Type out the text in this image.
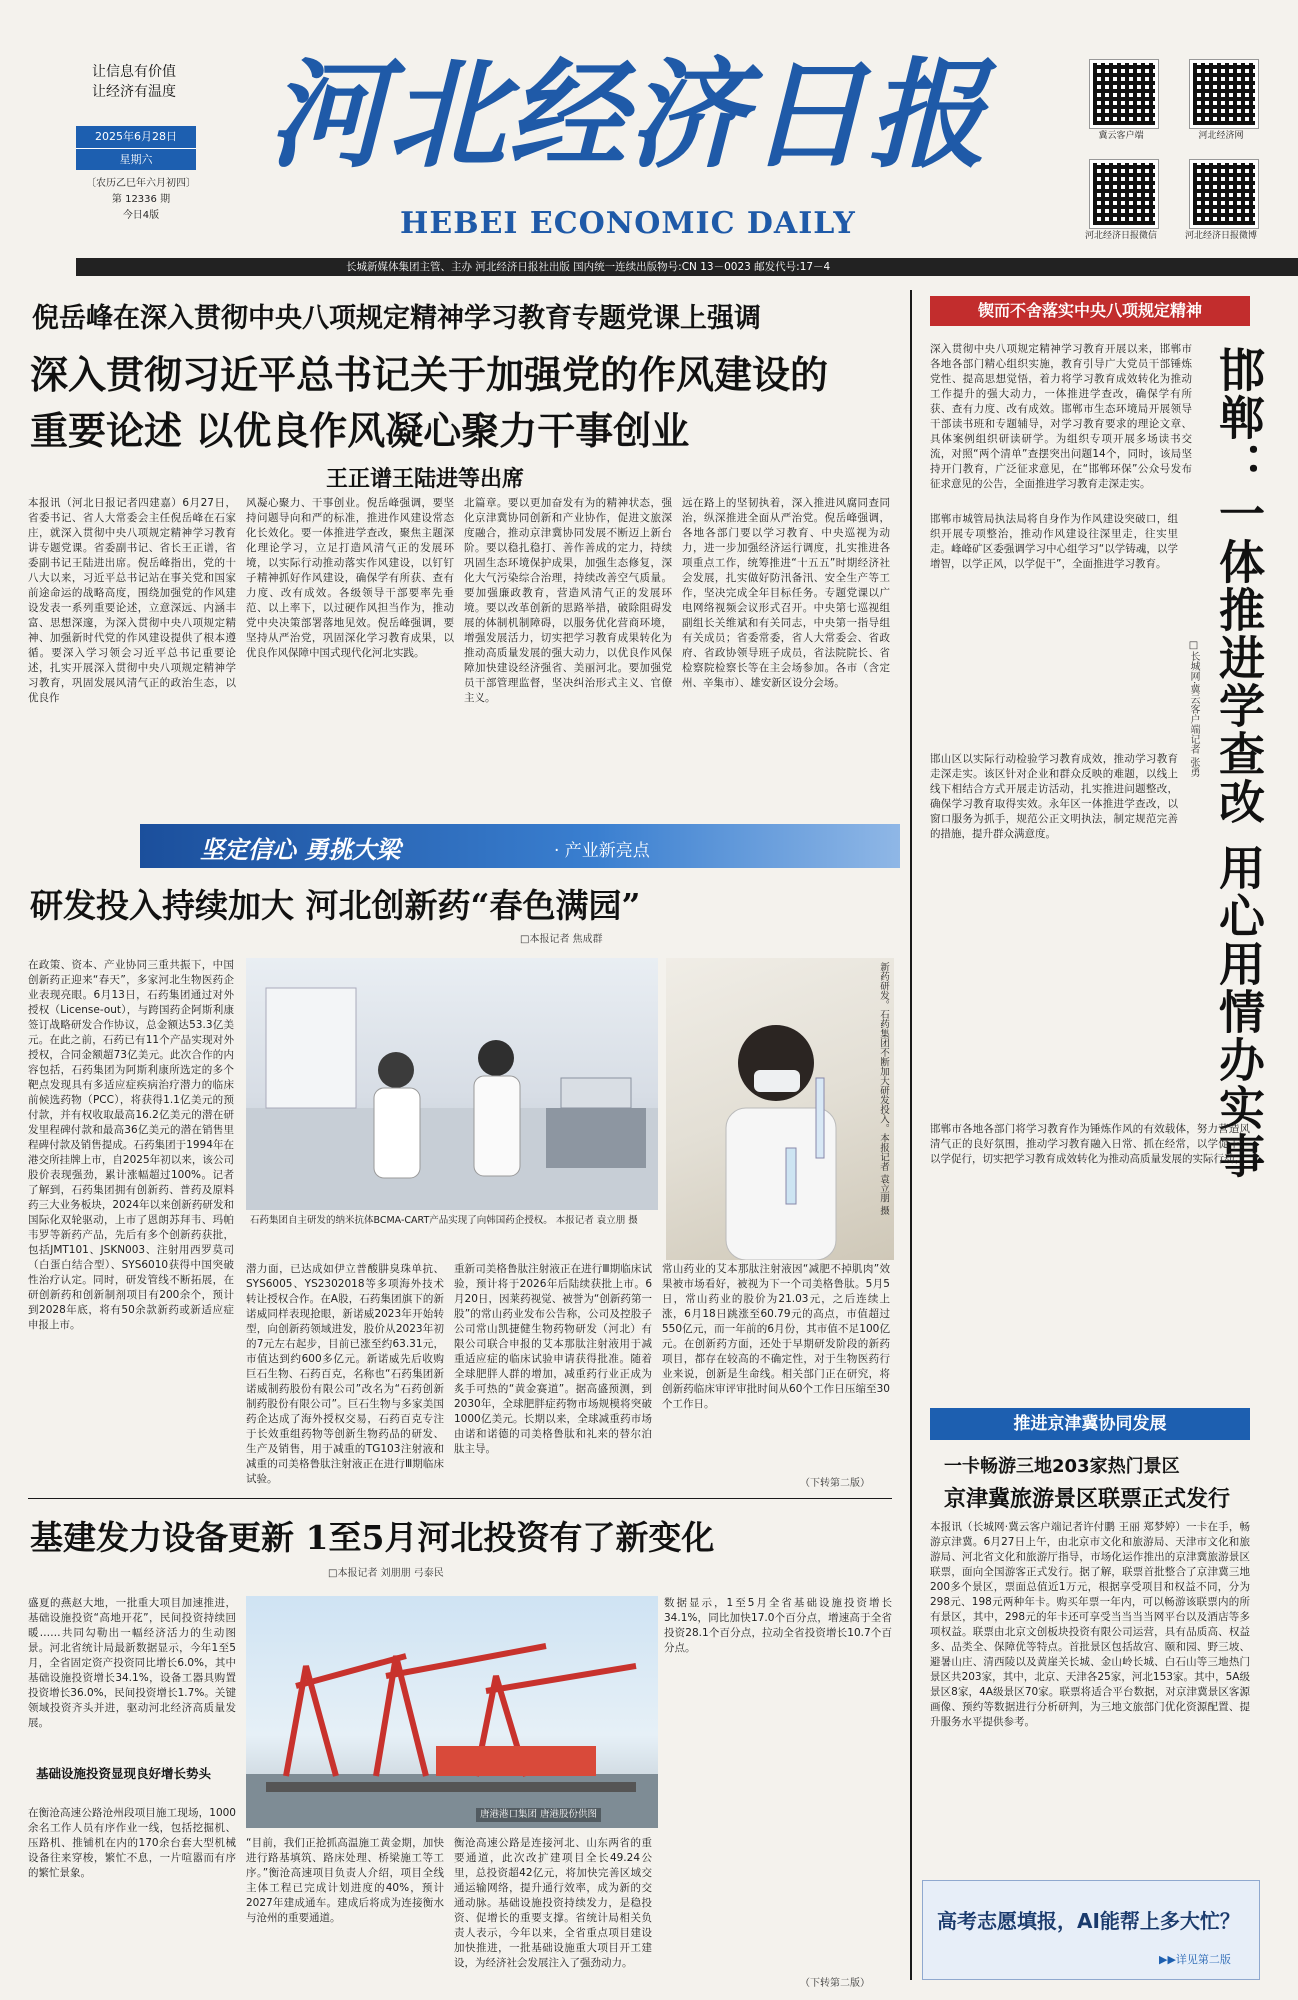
让信息有价值
让经济有温度
2025年6月28日
星期六
〔农历乙巳年六月初四〕
第 12336 期
今日4版
河北经济日报
HEBEI ECONOMIC DAILY
冀云客户端	河北经济网
河北经济日报微信	河北经济日报微博
长城新媒体集团主管、主办 河北经济日报社出版 国内统一连续出版物号:CN 13－0023 邮发代号:17－4
倪岳峰在深入贯彻中央八项规定精神学习教育专题党课上强调
深入贯彻习近平总书记关于加强党的作风建设的
重要论述 以优良作风凝心聚力干事创业
王正谱王陆进等出席
本报讯（河北日报记者四建嘉）6月27日，省委书记、省人大常委会主任倪岳峰在石家庄，就深入贯彻中央八项规定精神学习教育讲专题党课。省委副书记、省长王正谱，省委副书记王陆进出席。倪岳峰指出，党的十八大以来，习近平总书记站在事关党和国家前途命运的战略高度，围绕加强党的作风建设发表一系列重要论述，立意深远、内涵丰富、思想深邃，为深入贯彻中央八项规定精神、加强新时代党的作风建设提供了根本遵循。要深入学习领会习近平总书记重要论述，扎实开展深入贯彻中央八项规定精神学习教育，巩固发展风清气正的政治生态，以优良作
风凝心聚力、干事创业。倪岳峰强调，要坚持问题导向和严的标准，推进作风建设常态化长效化。要一体推进学查改，聚焦主题深化理论学习，立足打造风清气正的发展环境，以实际行动推动落实作风建设，以钉钉子精神抓好作风建设，确保学有所获、查有力度、改有成效。各级领导干部要率先垂范、以上率下，以过硬作风担当作为，推动党中央决策部署落地见效。倪岳峰强调，要坚持从严治党，巩固深化学习教育成果，以优良作风保障中国式现代化河北实践。
北篇章。要以更加奋发有为的精神状态，强化京津冀协同创新和产业协作，促进文旅深度融合，推动京津冀协同发展不断迈上新台阶。要以稳扎稳打、善作善成的定力，持续巩固生态环境保护成果，加强生态修复，深化大气污染综合治理，持续改善空气质量。要加强廉政教育，营造风清气正的发展环境。要以改革创新的思路举措，破除阻碍发展的体制机制障碍，以服务优化营商环境，增强发展活力，切实把学习教育成果转化为推动高质量发展的强大动力，以优良作风保障加快建设经济强省、美丽河北。要加强党员干部管理监督，坚决纠治形式主义、官僚主义。
远在路上的坚韧执着，深入推进风腐同查同治，纵深推进全面从严治党。倪岳峰强调，各地各部门要以学习教育、中央巡视为动力，进一步加强经济运行调度，扎实推进各项重点工作，统筹推进“十五五”时期经济社会发展，扎实做好防汛备汛、安全生产等工作，坚决完成全年目标任务。专题党课以广电网络视频会议形式召开。中央第七巡视组副组长关维斌和有关同志，中央第一指导组有关成员；省委常委，省人大常委会、省政府、省政协领导班子成员，省法院院长、省检察院检察长等在主会场参加。各市（含定州、辛集市）、雄安新区设分会场。
坚定信心 勇挑大梁	· 产业新亮点
研发投入持续加大 河北创新药“春色满园”
□本报记者 焦成群
在政策、资本、产业协同三重共振下，中国创新药正迎来“春天”，多家河北生物医药企业表现亮眼。6月13日，石药集团通过对外授权（License-out），与跨国药企阿斯利康签订战略研发合作协议，总金额达53.3亿美元。在此之前，石药已有11个产品实现对外授权，合同金额超73亿美元。此次合作的内容包括，石药集团为阿斯利康所选定的多个靶点发现具有多适应症疾病治疗潜力的临床前候选药物（PCC），将获得1.1亿美元的预付款，并有权收取最高16.2亿美元的潜在研发里程碑付款和最高36亿美元的潜在销售里程碑付款及销售提成。石药集团于1994年在港交所挂牌上市，自2025年初以来，该公司股价表现强劲，累计涨幅超过100%。记者了解到，石药集团拥有创新药、普药及原料药三大业务板块，2024年以来创新药研发和国际化双轮驱动，上市了恩朗苏拜韦、玛帕韦罗等新药产品，先后有多个创新药获批，包括JMT101、JSKN003、注射用西罗莫司（白蛋白结合型）、SYS6010获得中国突破性治疗认定。同时，研发管线不断拓展，在研创新药和创新制剂项目有200余个，预计到2028年底，将有50余款新药或新适应症申报上市。
石药集团自主研发的纳米抗体BCMA-CART产品实现了向韩国药企授权。 本报记者 袁立朋 摄
新药研发。石药集团不断加大研发投入。本报记者 袁立朋 摄
潜力面，已达成如伊立普酸肼臭珠单抗、SYS6005、YS2302018等多项海外技术转让授权合作。在A股，石药集团旗下的新诺威同样表现抢眼，新诺威2023年开始转型，向创新药领域进发，股价从2023年初的7元左右起步，目前已涨至约63.31元，市值达到约600多亿元。新诺威先后收购巨石生物、石药百克，名称也“石药集团新诺威制药股份有限公司”改名为“石药创新制药股份有限公司”。巨石生物与多家美国药企达成了海外授权交易，石药百克专注于长效重组药物等创新生物药品的研发、生产及销售，用于减重的TG103注射液和减重的司美格鲁肽注射液正在进行Ⅲ期临床试验。
重新司美格鲁肽注射液正在进行Ⅲ期临床试验，预计将于2026年后陆续获批上市。6月20日，因莱药视觉、被誉为“创新药第一股”的常山药业发布公告称，公司及控股子公司常山凯捷健生物药物研发（河北）有限公司联合申报的艾本那肽注射液用于减重适应症的临床试验申请获得批准。随着全球肥胖人群的增加，减重药行业正成为炙手可热的“黄金赛道”。据高盛预测，到2030年，全球肥胖症药物市场规模将突破1000亿美元。长期以来，全球减重药市场由诺和诺德的司美格鲁肽和礼来的替尔泊肽主导。
常山药业的艾本那肽注射液因“减肥不掉肌肉”效果被市场看好，被视为下一个司美格鲁肽。5月5日，常山药业的股价为21.03元，之后连续上涨，6月18日跳涨至60.79元的高点，市值超过550亿元，而一年前的6月份，其市值不足100亿元。在创新药方面，还处于早期研发阶段的新药项目，都存在较高的不确定性，对于生物医药行业来说，创新是生命线。相关部门正在研究，将创新药临床审评审批时间从60个工作日压缩至30个工作日。
（下转第二版）
基建发力设备更新 1至5月河北投资有了新变化
□本报记者 刘朋朋 弓泰民
盛夏的燕赵大地，一批重大项目加速推进，基础设施投资“高地开花”，民间投资持续回暖……共同勾勒出一幅经济活力的生动图景。河北省统计局最新数据显示，今年1至5月，全省固定资产投资同比增长6.0%，其中基础设施投资增长34.1%，设备工器具购置投资增长36.0%，民间投资增长1.7%。关键领域投资齐头并进，驱动河北经济高质量发展。
基础设施投资显现良好增长势头
在衡沧高速公路沧州段项目施工现场，1000余名工作人员有序作业一线，包括挖掘机、压路机、推铺机在内的170余台套大型机械设备往来穿梭，繁忙不息，一片喧嚣而有序的繁忙景象。
唐港港口集团 唐港股份供图
“目前，我们正抢抓高温施工黄金期，加快进行路基填筑、路床处理、桥梁施工等工序。”衡沧高速项目负责人介绍，项目全线主体工程已完成计划进度的40%，预计2027年建成通车。建成后将成为连接衡水与沧州的重要通道。
衡沧高速公路是连接河北、山东两省的重要通道，此次改扩建项目全长49.24公里，总投资超42亿元，将加快完善区域交通运输网络，提升通行效率，成为新的交通动脉。基础设施投资持续发力，是稳投资、促增长的重要支撑。省统计局相关负责人表示，今年以来，全省重点项目建设加快推进，一批基础设施重大项目开工建设，为经济社会发展注入了强劲动力。
数据显示，1至5月全省基础设施投资增长34.1%，同比加快17.0个百分点，增速高于全省投资28.1个百分点，拉动全省投资增长10.7个百分点。
（下转第二版）
锲而不舍落实中央八项规定精神
深入贯彻中央八项规定精神学习教育开展以来，邯郸市各地各部门精心组织实施，教育引导广大党员干部锤炼党性、提高思想觉悟，着力将学习教育成效转化为推动工作提升的强大动力，一体推进学查改，确保学有所获、查有力度、改有成效。邯郸市生态环境局开展领导干部读书班和专题辅导，对学习教育要求的理论文章、具体案例组织研读研学。为组织专项开展多场读书交流，对照“两个清单”查摆突出问题14个，同时，该局坚持开门教育，广泛征求意见，在“邯郸环保”公众号发布征求意见的公告，全面推进学习教育走深走实。	邯郸：一体推进学查改 用心用情办实事
□长城网·冀云客户端记者 张勇
邯郸市城管局执法局将自身作为作风建设突破口，组织开展专项整治，推动作风建设往深里走，往实里走。峰峰矿区委强调学习中心组学习“以学铸魂，以学增智，以学正风，以学促干”，全面推进学习教育。
邯山区以实际行动检验学习教育成效，推动学习教育走深走实。该区针对企业和群众反映的难题，以线上线下相结合方式开展走访活动，扎实推进问题整改，确保学习教育取得实效。永年区一体推进学查改，以窗口服务为抓手，规范公正文明执法，制定规范完善的措施，提升群众满意度。
邯郸市各地各部门将学习教育作为锤炼作风的有效载体，努力营造风清气正的良好氛围，推动学习教育融入日常、抓在经常，以学促干、以学促行，切实把学习教育成效转化为推动高质量发展的实际行动。
推进京津冀协同发展
一卡畅游三地203家热门景区
京津冀旅游景区联票正式发行
本报讯（长城网·冀云客户端记者许付鹏 王丽 郑梦婷）一卡在手，畅游京津冀。6月27日上午，由北京市文化和旅游局、天津市文化和旅游局、河北省文化和旅游厅指导，市场化运作推出的京津冀旅游景区联票，面向全国游客正式发行。据了解，联票首批整合了京津冀三地200多个景区，票面总值近1万元，根据享受项目和权益不同，分为298元、198元两种年卡。购买年票一年内，可以畅游该联票内的所有景区，其中，298元的年卡还可享受当当当当网平台以及酒店等多项权益。联票由北京文创板块投资有限公司运营，具有品质高、权益多、品类全、保障优等特点。首批景区包括故宫、颐和园、野三坡、避暑山庄、清西陵以及黄崖关长城、金山岭长城、白石山等三地热门景区共203家，其中，北京、天津各25家，河北153家。其中，5A级景区8家，4A级景区70家。联票将适合平台数据，对京津冀景区客源画像、预约等数据进行分析研判，为三地文旅部门优化资源配置、提升服务水平提供参考。
高考志愿填报，AI能帮上多大忙？
▶▶详见第二版
